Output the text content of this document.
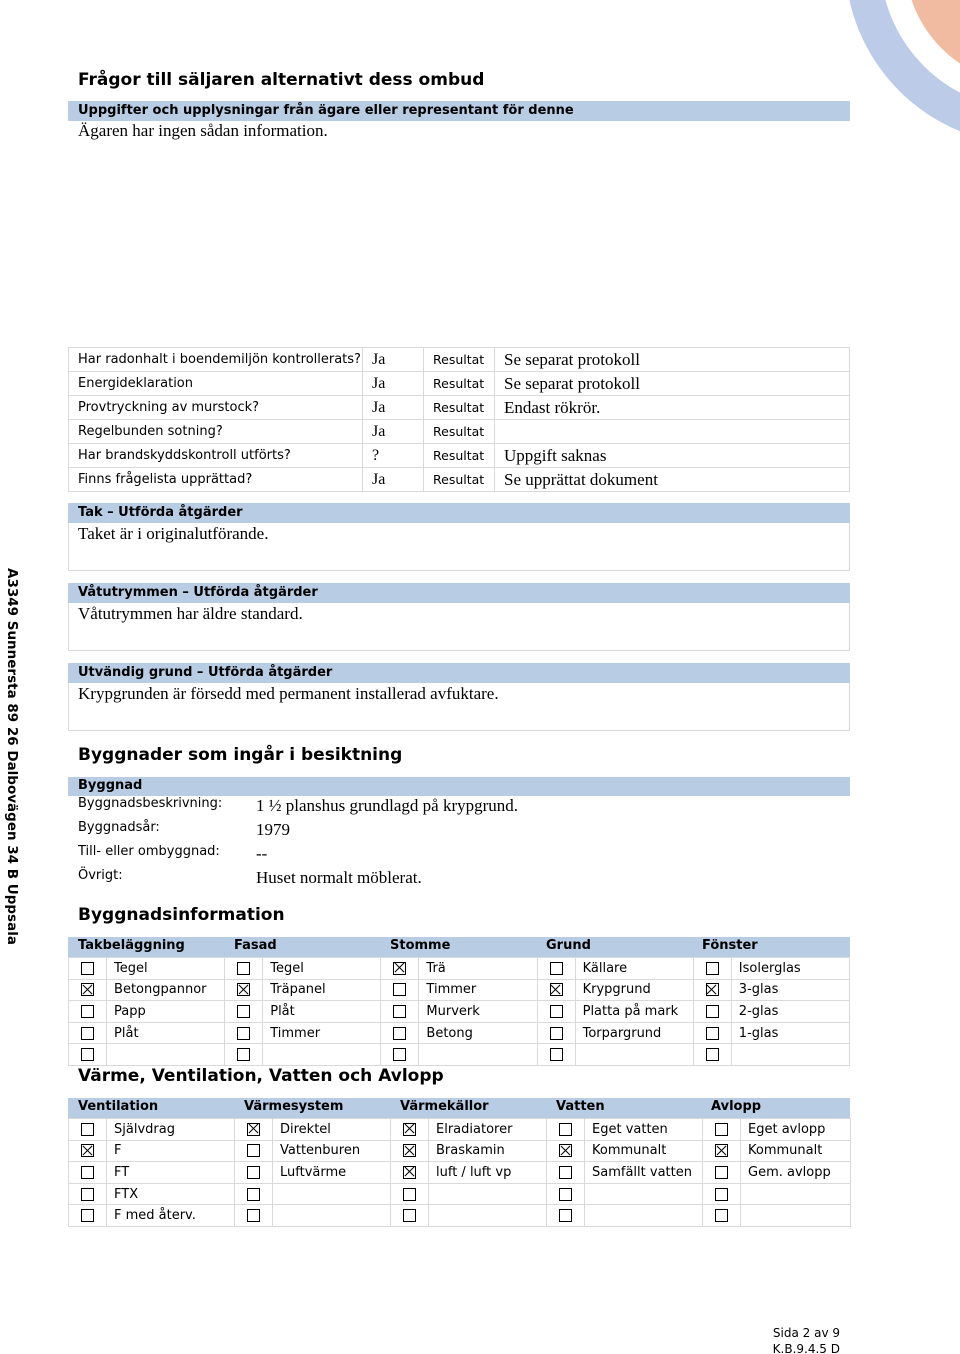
A3349 Sunnersta 89 26 Dalbovägen 34 B Uppsala
Frågor till säljaren alternativt dess ombud
Uppgifter och upplysningar från ägare eller representant för denne
Ägaren har ingen sådan information.
Har radonhalt i boendemiljön kontrollerats?	Ja	Resultat	Se separat protokoll
Energideklaration	Ja	Resultat	Se separat protokoll
Provtryckning av murstock?	Ja	Resultat	Endast rökrör.
Regelbunden sotning?	Ja	Resultat	
Har brandskyddskontroll utförts?	?	Resultat	Uppgift saknas
Finns frågelista upprättad?	Ja	Resultat	Se upprättat dokument
Tak – Utförda åtgärder
Taket är i originalutförande.
Våtutrymmen – Utförda åtgärder
Våtutrymmen har äldre standard.
Utvändig grund – Utförda åtgärder
Krypgrunden är försedd med permanent installerad avfuktare.
Byggnader som ingår i besiktning
Byggnad
Byggnadsbeskrivning: 1 ½ planshus grundlagd på krypgrund.
Byggnadsår:	1979
Till- eller ombyggnad: --
Övrigt:	Huset normalt möblerat.
Byggnadsinformation
Takbeläggning	Fasad	Stomme	Grund	Fönster
	Tegel		Tegel		Trä		Källare		Isolerglas
	Betongpannor		Träpanel		Timmer		Krypgrund		3-glas
	Papp		Plåt		Murverk		Platta på mark		2-glas
	Plåt		Timmer		Betong		Torpargrund		1-glas

Värme, Ventilation, Vatten och Avlopp
Ventilation	Värmesystem	Värmekällor	Vatten	Avlopp
	Självdrag		Direktel		Elradiatorer		Eget vatten		Eget avlopp
	F		Vattenburen		Braskamin		Kommunalt		Kommunalt
	FT		Luftvärme		luft / luft vp		Samfällt vatten		Gem. avlopp
	FTX								
	F med återv.								
Sida 2 av 9
K.B.9.4.5 D
